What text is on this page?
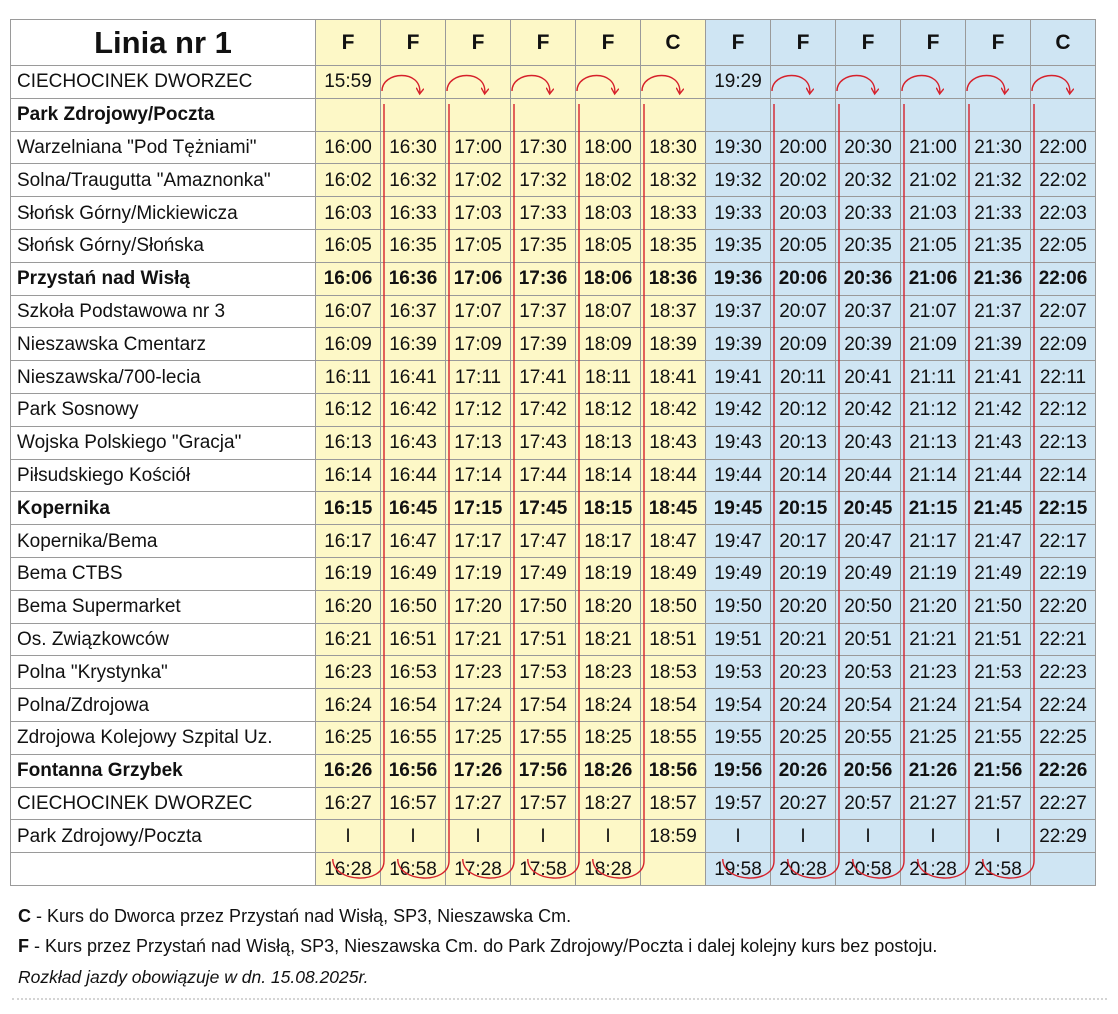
Linia nr 1	F	F	F	F	F	C	F	F	F	F	F	C
CIECHOCINEK DWORZEC	15:59						19:29					
Park Zdrojowy/Poczta												
Warzelniana "Pod Tężniami"	16:00	16:30	17:00	17:30	18:00	18:30	19:30	20:00	20:30	21:00	21:30	22:00
Solna/Traugutta "Amaznonka"	16:02	16:32	17:02	17:32	18:02	18:32	19:32	20:02	20:32	21:02	21:32	22:02
Słońsk Górny/Mickiewicza	16:03	16:33	17:03	17:33	18:03	18:33	19:33	20:03	20:33	21:03	21:33	22:03
Słońsk Górny/Słońska	16:05	16:35	17:05	17:35	18:05	18:35	19:35	20:05	20:35	21:05	21:35	22:05
Przystań nad Wisłą	16:06	16:36	17:06	17:36	18:06	18:36	19:36	20:06	20:36	21:06	21:36	22:06
Szkoła Podstawowa nr 3	16:07	16:37	17:07	17:37	18:07	18:37	19:37	20:07	20:37	21:07	21:37	22:07
Nieszawska Cmentarz	16:09	16:39	17:09	17:39	18:09	18:39	19:39	20:09	20:39	21:09	21:39	22:09
Nieszawska/700-lecia	16:11	16:41	17:11	17:41	18:11	18:41	19:41	20:11	20:41	21:11	21:41	22:11
Park Sosnowy	16:12	16:42	17:12	17:42	18:12	18:42	19:42	20:12	20:42	21:12	21:42	22:12
Wojska Polskiego "Gracja"	16:13	16:43	17:13	17:43	18:13	18:43	19:43	20:13	20:43	21:13	21:43	22:13
Piłsudskiego Kościół	16:14	16:44	17:14	17:44	18:14	18:44	19:44	20:14	20:44	21:14	21:44	22:14
Kopernika	16:15	16:45	17:15	17:45	18:15	18:45	19:45	20:15	20:45	21:15	21:45	22:15
Kopernika/Bema	16:17	16:47	17:17	17:47	18:17	18:47	19:47	20:17	20:47	21:17	21:47	22:17
Bema CTBS	16:19	16:49	17:19	17:49	18:19	18:49	19:49	20:19	20:49	21:19	21:49	22:19
Bema Supermarket	16:20	16:50	17:20	17:50	18:20	18:50	19:50	20:20	20:50	21:20	21:50	22:20
Os. Związkowców	16:21	16:51	17:21	17:51	18:21	18:51	19:51	20:21	20:51	21:21	21:51	22:21
Polna "Krystynka"	16:23	16:53	17:23	17:53	18:23	18:53	19:53	20:23	20:53	21:23	21:53	22:23
Polna/Zdrojowa	16:24	16:54	17:24	17:54	18:24	18:54	19:54	20:24	20:54	21:24	21:54	22:24
Zdrojowa Kolejowy Szpital Uz.	16:25	16:55	17:25	17:55	18:25	18:55	19:55	20:25	20:55	21:25	21:55	22:25
Fontanna Grzybek	16:26	16:56	17:26	17:56	18:26	18:56	19:56	20:26	20:56	21:26	21:56	22:26
CIECHOCINEK DWORZEC	16:27	16:57	17:27	17:57	18:27	18:57	19:57	20:27	20:57	21:27	21:57	22:27
Park Zdrojowy/Poczta	I	I	I	I	I	18:59	I	I	I	I	I	22:29
	16:28	16:58	17:28	17:58	18:28		19:58	20:28	20:58	21:28	21:58	
C - Kurs do Dworca przez Przystań nad Wisłą, SP3, Nieszawska Cm.
F - Kurs przez Przystań nad Wisłą, SP3, Nieszawska Cm. do Park Zdrojowy/Poczta i dalej kolejny kurs bez postoju.
Rozkład jazdy obowiązuje w dn. 15.08.2025r.
